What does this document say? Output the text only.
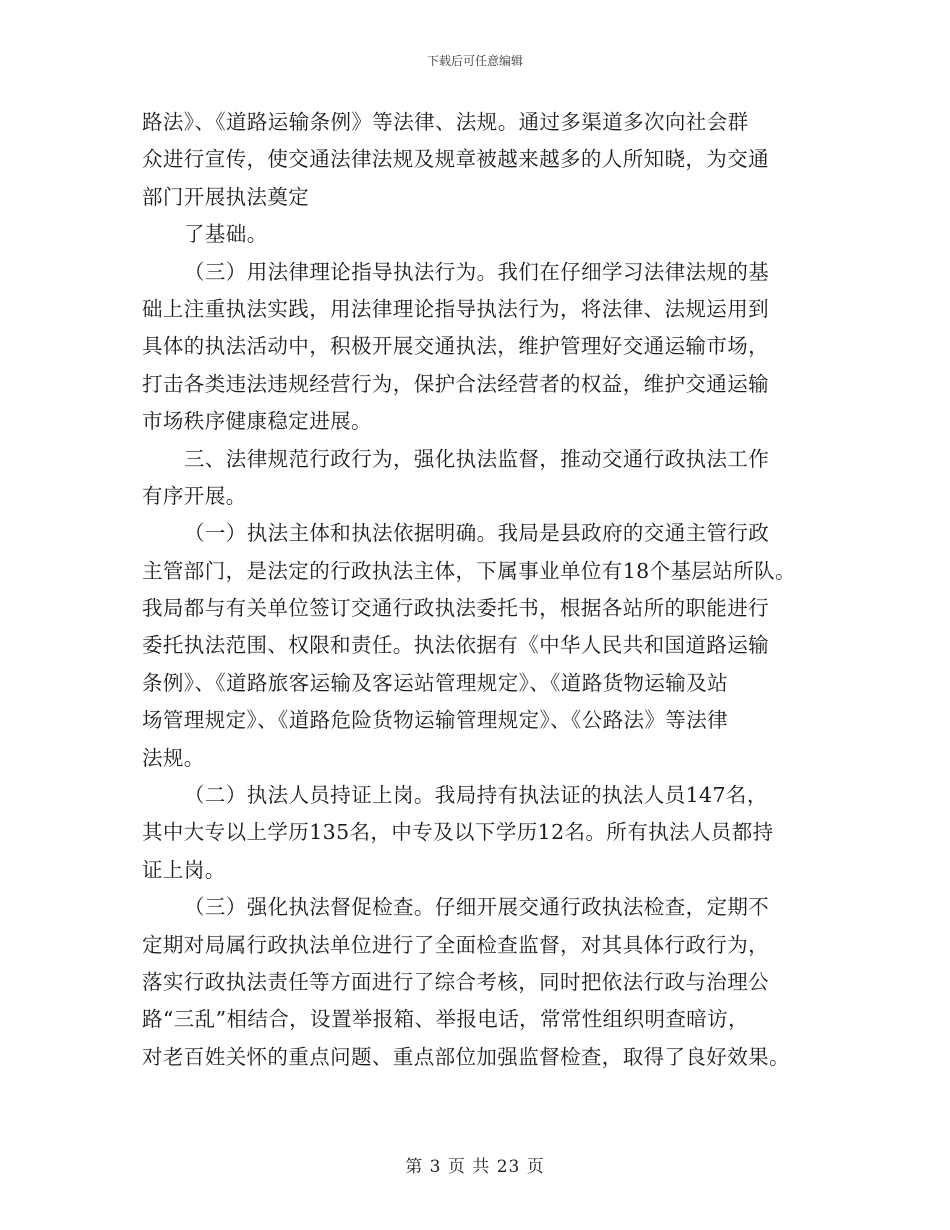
下载后可任意编辑
路法》、《道路运输条例》等法律、法规。通过多渠道多次向社会群
众进行宣传，使交通法律法规及规章被越来越多的人所知晓，为交通
部门开展执法奠定
了基础。
（三）用法律理论指导执法行为。我们在仔细学习法律法规的基
础上注重执法实践，用法律理论指导执法行为，将法律、法规运用到
具体的执法活动中，积极开展交通执法，维护管理好交通运输市场，
打击各类违法违规经营行为，保护合法经营者的权益，维护交通运输
市场秩序健康稳定进展。
三、法律规范行政行为，强化执法监督，推动交通行政执法工作
有序开展。
（一）执法主体和执法依据明确。我局是县政府的交通主管行政
主管部门，是法定的行政执法主体，下属事业单位有18个基层站所队。
我局都与有关单位签订交通行政执法委托书，根据各站所的职能进行
委托执法范围、权限和责任。执法依据有《中华人民共和国道路运输
条例》、《道路旅客运输及客运站管理规定》、《道路货物运输及站
场管理规定》、《道路危险货物运输管理规定》、《公路法》等法律
法规。
（二）执法人员持证上岗。我局持有执法证的执法人员147名，
其中大专以上学历135名，中专及以下学历12名。所有执法人员都持
证上岗。
（三）强化执法督促检查。仔细开展交通行政执法检查，定期不
定期对局属行政执法单位进行了全面检查监督，对其具体行政行为，
落实行政执法责任等方面进行了综合考核，同时把依法行政与治理公
路“三乱”相结合，设置举报箱、举报电话，常常性组织明查暗访，
对老百姓关怀的重点问题、重点部位加强监督检查，取得了良好效果。
第 3 页 共 23 页
